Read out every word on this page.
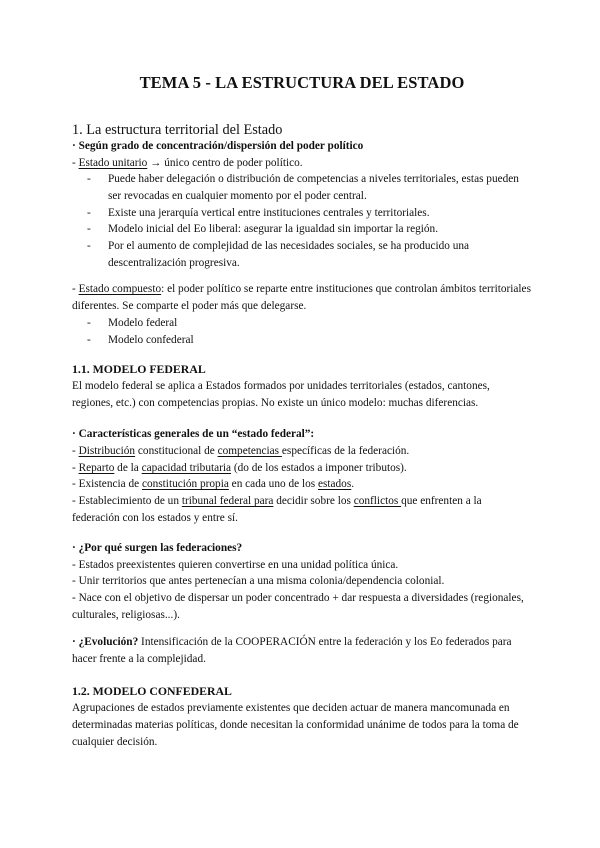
TEMA 5 - LA ESTRUCTURA DEL ESTADO
1. La estructura territorial del Estado
· Según grado de concentración/dispersión del poder político
- Estado unitario → único centro de poder político.
- Puede haber delegación o distribución de competencias a niveles territoriales, estas pueden ser revocadas en cualquier momento por el poder central.
- Existe una jerarquía vertical entre instituciones centrales y territoriales.
- Modelo inicial del Eo liberal: asegurar la igualdad sin importar la región.
- Por el aumento de complejidad de las necesidades sociales, se ha producido una descentralización progresiva.
- Estado compuesto: el poder político se reparte entre instituciones que controlan ámbitos territoriales diferentes. Se comparte el poder más que delegarse.
- Modelo federal
- Modelo confederal
1.1. MODELO FEDERAL

El modelo federal se aplica a Estados formados por unidades territoriales (estados, cantones, regiones, etc.) con competencias propias. No existe un único modelo: muchas diferencias.

· Características generales de un “estado federal”:
- Distribución constitucional de competencias específicas de la federación.
- Reparto de la capacidad tributaria (do de los estados a imponer tributos).
- Existencia de constitución propia en cada uno de los estados.
- Establecimiento de un tribunal federal para decidir sobre los conflictos que enfrenten a la federación con los estados y entre sí.
· ¿Por qué surgen las federaciones?
- Estados preexistentes quieren convertirse en una unidad política única.
- Unir territorios que antes pertenecían a una misma colonia/dependencia colonial.
- Nace con el objetivo de dispersar un poder concentrado + dar respuesta a diversidades (regionales, culturales, religiosas...).
· ¿Evolución? Intensificación de la COOPERACIÓN entre la federación y los Eo federados para hacer frente a la complejidad.
1.2. MODELO CONFEDERAL

Agrupaciones de estados previamente existentes que deciden actuar de manera mancomunada en determinadas materias políticas, donde necesitan la conformidad unánime de todos para la toma de cualquier decisión.
